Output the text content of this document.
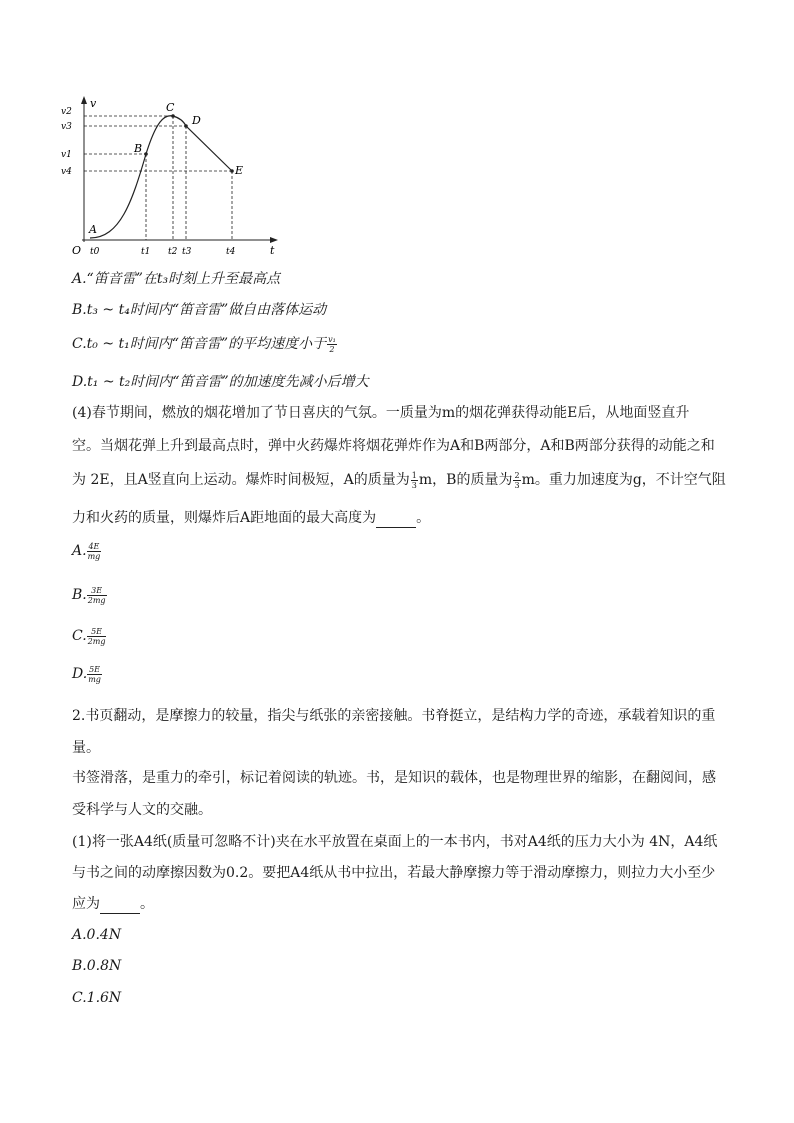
v
t
O
A
B
C
D
E
v2
v3
v1
v4
t0	t1 t2 t3	t4
A.“笛音雷”在t₃时刻上升至最高点
B.t₃ ~ t₄时间内“笛音雷”做自由落体运动
C.t₀ ~ t₁时间内“笛音雷”的平均速度小于 $\frac{\text{v₁}}{2}$
D.t₁ ~ t₂时间内“笛音雷”的加速度先减小后增大
(4)春节期间，燃放的烟花增加了节日喜庆的气氛。一质量为m的烟花弹获得动能E后，从地面竖直升
空。当烟花弹上升到最高点时，弹中火药爆炸将烟花弹炸作为A和B两部分，A和B两部分获得的动能之和
为 2E，且A竖直向上运动。爆炸时间极短，A的质量为 $\frac{1}{3}$ m，B的质量为 $\frac{2}{3}$ m。重力加速度为g，不计空气阻
力和火药的质量，则爆炸后A距地面的最大高度为	。
A. $\frac{4E}{mg}$
B. $\frac{3E}{2mg}$
C. $\frac{5E}{2mg}$
D. $\frac{5E}{mg}$
2.书页翻动，是摩擦力的较量，指尖与纸张的亲密接触。书脊挺立，是结构力学的奇迹，承载着知识的重
量。
书签滑落，是重力的牵引，标记着阅读的轨迹。书，是知识的载体，也是物理世界的缩影，在翻阅间，感
受科学与人文的交融。
(1)将一张A4纸(质量可忽略不计)夹在水平放置在桌面上的一本书内，书对A4纸的压力大小为 4N，A4纸
与书之间的动摩擦因数为0.2。要把A4纸从书中拉出，若最大静摩擦力等于滑动摩擦力，则拉力大小至少
应为	。
A.0.4N
B.0.8N
C.1.6N
